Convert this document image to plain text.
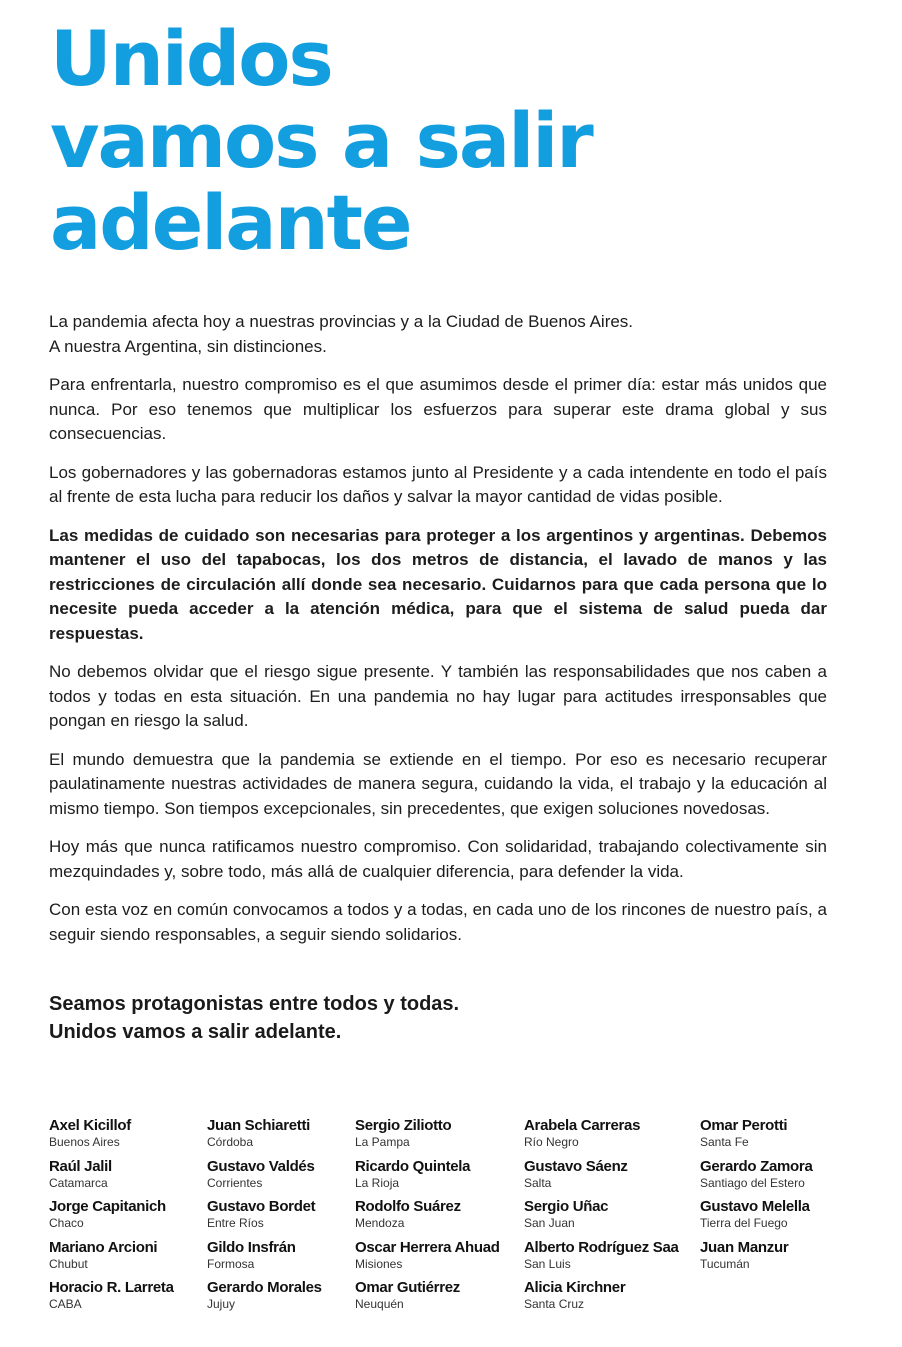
Unidos
vamos a salir
adelante

La pandemia afecta hoy a nuestras provincias y a la Ciudad de Buenos Aires.
A nuestra Argentina, sin distinciones.

Para enfrentarla, nuestro compromiso es el que asumimos desde el primer día: estar más unidos que nunca. Por eso tenemos que multiplicar los esfuerzos para superar este drama global y sus consecuencias.

Los gobernadores y las gobernadoras estamos junto al Presidente y a cada intendente en todo el país al frente de esta lucha para reducir los daños y salvar la mayor cantidad de vidas posible.

Las medidas de cuidado son necesarias para proteger a los argentinos y argentinas. Debemos mantener el uso del tapabocas, los dos metros de distancia, el lavado de manos y las restricciones de circulación allí donde sea necesario. Cuidarnos para que cada persona que lo necesite pueda acceder a la atención médica, para que el sistema de salud pueda dar respuestas.

No debemos olvidar que el riesgo sigue presente. Y también las responsabilidades que nos caben a todos y todas en esta situación. En una pandemia no hay lugar para actitudes irresponsables que pongan en riesgo la salud.

El mundo demuestra que la pandemia se extiende en el tiempo. Por eso es necesario recuperar paulatinamente nuestras actividades de manera segura, cuidando la vida, el trabajo y la educación al mismo tiempo. Son tiempos excepcionales, sin precedentes, que exigen soluciones novedosas.

Hoy más que nunca ratificamos nuestro compromiso. Con solidaridad, trabajando colectivamente sin mezquindades y, sobre todo, más allá de cualquier diferencia, para defender la vida.

Con esta voz en común convocamos a todos y a todas, en cada uno de los rincones de nuestro país, a seguir siendo responsables, a seguir siendo solidarios.

Seamos protagonistas entre todos y todas.
Unidos vamos a salir adelante.
Axel Kicillof
Buenos Aires
Raúl Jalil
Catamarca
Jorge Capitanich
Chaco
Mariano Arcioni
Chubut
Horacio R. Larreta
CABA
Juan Schiaretti
Córdoba
Gustavo Valdés
Corrientes
Gustavo Bordet
Entre Ríos
Gildo Insfrán
Formosa
Gerardo Morales
Jujuy
Sergio Ziliotto
La Pampa
Ricardo Quintela
La Rioja
Rodolfo Suárez
Mendoza
Oscar Herrera Ahuad
Misiones
Omar Gutiérrez
Neuquén
Arabela Carreras
Río Negro
Gustavo Sáenz
Salta
Sergio Uñac
San Juan
Alberto Rodríguez Saa
San Luis
Alicia Kirchner
Santa Cruz
Omar Perotti
Santa Fe
Gerardo Zamora
Santiago del Estero
Gustavo Melella
Tierra del Fuego
Juan Manzur
Tucumán
